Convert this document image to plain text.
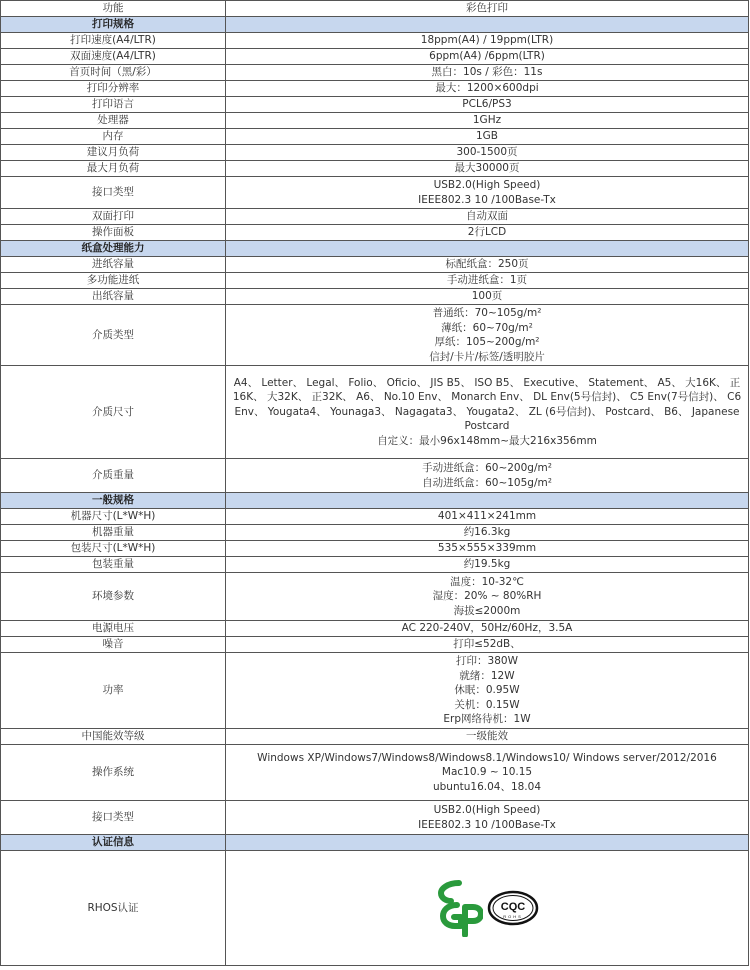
功能	彩色打印
打印规格	
打印速度(A4/LTR)	18ppm(A4) / 19ppm(LTR)

双面速度(A4/LTR)	6ppm(A4) /6ppm(LTR)

首页时间（黑/彩）	黑白：10s / 彩色：11s

打印分辨率	最大：1200×600dpi

打印语言	PCL6/PS3

处理器	1GHz

内存	1GB

建议月负荷	300-1500页

最大月负荷	最大30000页

接口类型	USB2.0(High Speed)
IEEE802.3 10 /100Base-Tx

双面打印	自动双面

操作面板	2行LCD

纸盒处理能力	
进纸容量	标配纸盒：250页

多功能进纸	手动进纸盒：1页

出纸容量	100页

介质类型	普通纸：70~105g/m²
薄纸：60~70g/m²
厚纸：105~200g/m²
信封/卡片/标签/透明胶片

介质尺寸	A4、 Letter、 Legal、 Folio、 Oficio、 JIS B5、 ISO B5、 Executive、 Statement、 A5、 大16K、 正16K、 大32K、 正32K、 A6、 No.10 Env、 Monarch Env、 DL Env(5号信封)、 C5 Env(7号信封)、 C6 Env、 Yougata4、 Younaga3、 Nagagata3、 Yougata2、 ZL (6号信封)、 Postcard、 B6、 Japanese Postcard
自定义：最小96x148mm~最大216x356mm

介质重量	手动进纸盒：60~200g/m²
自动进纸盒：60~105g/m²

一般规格	
机器尺寸(L*W*H)	401×411×241mm

机器重量	约16.3kg

包装尺寸(L*W*H)	535×555×339mm

包装重量	约19.5kg

环境参数	温度：10-32℃
湿度：20% ~ 80%RH
海拔≤2000m

电源电压	AC 220-240V，50Hz/60Hz，3.5A

噪音	打印≤52dB、

功率	打印：380W
就绪：12W
休眠：0.95W
关机：0.15W
Erp网络待机：1W

中国能效等级	一级能效

操作系统	Windows XP/Windows7/Windows8/Windows8.1/Windows10/ Windows server/2012/2016
Mac10.9 ~ 10.15
ubuntu16.04、18.04

接口类型	USB2.0(High Speed)
IEEE802.3 10 /100Base-Tx

认证信息	
RHOS认证	CQC
ROHS
